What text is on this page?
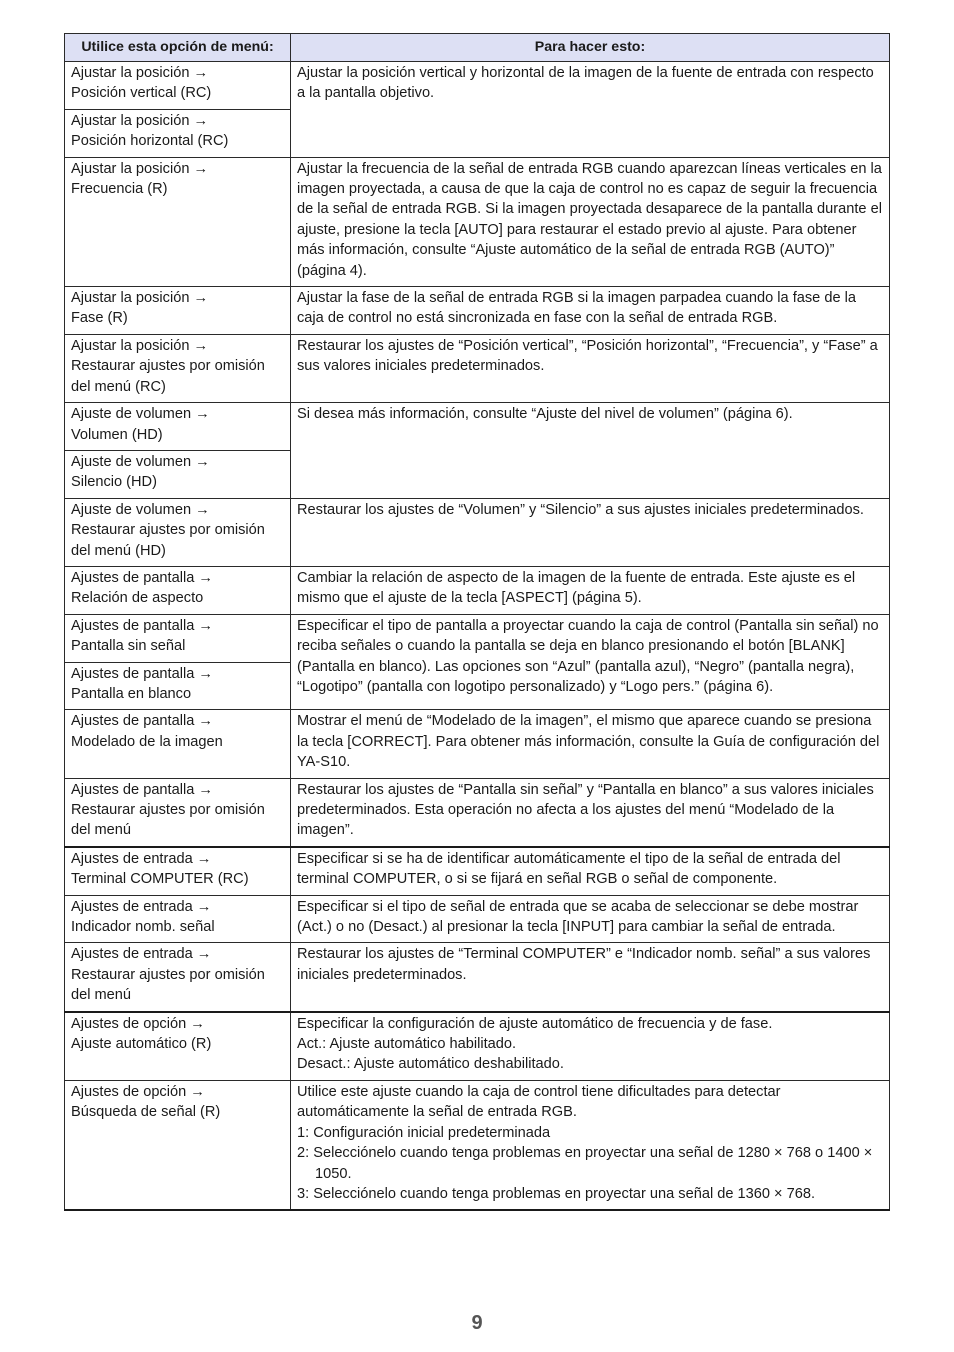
Utilice esta opción de menú:	Para hacer esto:

Ajustar la posición →
Posición vertical (RC)	Ajustar la posición vertical y horizontal de la imagen de la fuente de entrada con respecto a la pantalla objetivo.

Ajustar la posición →
Posición horizontal (RC)	

Ajustar la posición →
Frecuencia (R)	Ajustar la frecuencia de la señal de entrada RGB cuando aparezcan líneas verticales en la imagen proyectada, a causa de que la caja de control no es capaz de seguir la frecuencia de la señal de entrada RGB. Si la imagen proyectada desaparece de la pantalla durante el ajuste, presione la tecla [AUTO] para restaurar el estado previo al ajuste. Para obtener más información, consulte “Ajuste automático de la señal de entrada RGB (AUTO)” (página 4).

Ajustar la posición →
Fase (R)	Ajustar la fase de la señal de entrada RGB si la imagen parpadea cuando la fase de la caja de control no está sincronizada en fase con la señal de entrada RGB.

Ajustar la posición →
Restaurar ajustes por omisión del menú (RC)	Restaurar los ajustes de “Posición vertical”, “Posición horizontal”, “Frecuencia”, y “Fase” a sus valores iniciales predeterminados.

Ajuste de volumen →
Volumen (HD)	Si desea más información, consulte “Ajuste del nivel de volumen” (página 6).

Ajuste de volumen →
Silencio (HD)	

Ajuste de volumen →
Restaurar ajustes por omisión del menú (HD)	Restaurar los ajustes de “Volumen” y “Silencio” a sus ajustes iniciales predeterminados.

Ajustes de pantalla →
Relación de aspecto	Cambiar la relación de aspecto de la imagen de la fuente de entrada. Este ajuste es el mismo que el ajuste de la tecla [ASPECT] (página 5).

Ajustes de pantalla →
Pantalla sin señal	Especificar el tipo de pantalla a proyectar cuando la caja de control (Pantalla sin señal) no reciba señales o cuando la pantalla se deja en blanco presionando el botón [BLANK] (Pantalla en blanco). Las opciones son “Azul” (pantalla azul), “Negro” (pantalla negra), “Logotipo” (pantalla con logotipo personalizado) y “Logo pers.” (página 6).

Ajustes de pantalla →
Pantalla en blanco	

Ajustes de pantalla →
Modelado de la imagen	Mostrar el menú de “Modelado de la imagen”, el mismo que aparece cuando se presiona la tecla [CORRECT]. Para obtener más información, consulte la Guía de configuración del YA-S10.

Ajustes de pantalla →
Restaurar ajustes por omisión del menú	Restaurar los ajustes de “Pantalla sin señal” y “Pantalla en blanco” a sus valores iniciales predeterminados. Esta operación no afecta a los ajustes del menú “Modelado de la imagen”.

Ajustes de entrada →
Terminal COMPUTER (RC)	Especificar si se ha de identificar automáticamente el tipo de la señal de entrada del terminal COMPUTER, o si se fijará en señal RGB o señal de componente.

Ajustes de entrada →
Indicador nomb. señal	Especificar si el tipo de señal de entrada que se acaba de seleccionar se debe mostrar (Act.) o no (Desact.) al presionar la tecla [INPUT] para cambiar la señal de entrada.

Ajustes de entrada →
Restaurar ajustes por omisión del menú	Restaurar los ajustes de “Terminal COMPUTER” e “Indicador nomb. señal” a sus valores iniciales predeterminados.

Ajustes de opción →
Ajuste automático (R)	Especificar la configuración de ajuste automático de frecuencia y de fase.
Act.: Ajuste automático habilitado.
Desact.: Ajuste automático deshabilitado.

Ajustes de opción →
Búsqueda de señal (R)	Utilice este ajuste cuando la caja de control tiene dificultades para detectar automáticamente la señal de entrada RGB.
1: Configuración inicial predeterminada
2: Selecciónelo cuando tenga problemas en proyectar una señal de 1280 × 768 o 1400 × 1050.
3: Selecciónelo cuando tenga problemas en proyectar una señal de 1360 × 768.
9
